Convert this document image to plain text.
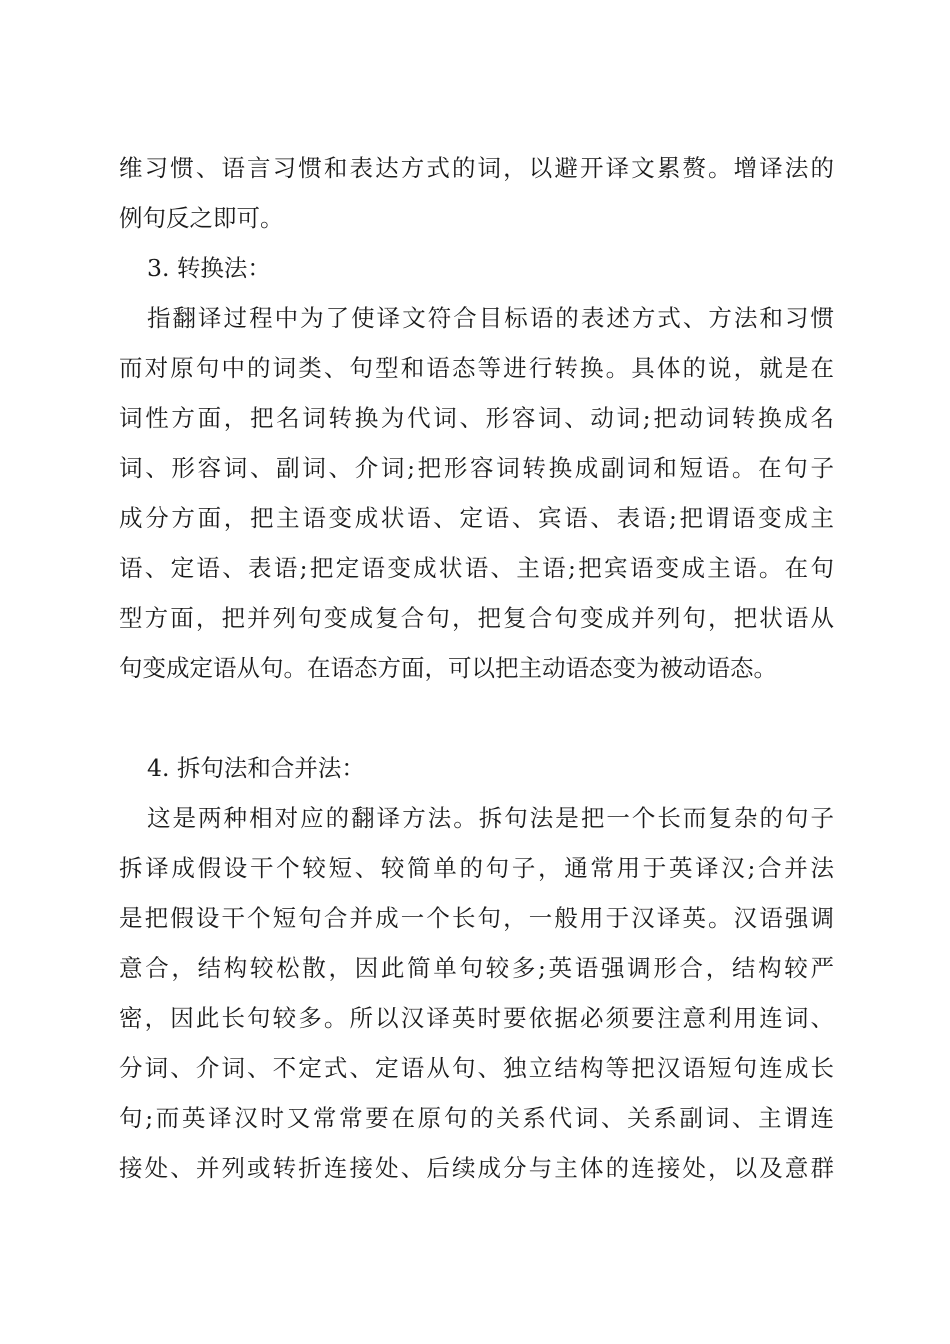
维习惯、语言习惯和表达方式的词，以避开译文累赘。增译法的
例句反之即可。
3. 转换法：
指翻译过程中为了使译文符合目标语的表述方式、方法和习惯
而对原句中的词类、句型和语态等进行转换。具体的说，就是在
词性方面，把名词转换为代词、形容词、动词;把动词转换成名
词、形容词、副词、介词;把形容词转换成副词和短语。在句子
成分方面，把主语变成状语、定语、宾语、表语;把谓语变成主
语、定语、表语;把定语变成状语、主语;把宾语变成主语。在句
型方面，把并列句变成复合句，把复合句变成并列句，把状语从
句变成定语从句。在语态方面，可以把主动语态变为被动语态。
4. 拆句法和合并法：
这是两种相对应的翻译方法。拆句法是把一个长而复杂的句子
拆译成假设干个较短、较简单的句子，通常用于英译汉;合并法
是把假设干个短句合并成一个长句，一般用于汉译英。汉语强调
意合，结构较松散，因此简单句较多;英语强调形合，结构较严
密，因此长句较多。所以汉译英时要依据必须要注意利用连词、
分词、介词、不定式、定语从句、独立结构等把汉语短句连成长
句;而英译汉时又常常要在原句的关系代词、关系副词、主谓连
接处、并列或转折连接处、后续成分与主体的连接处，以及意群
